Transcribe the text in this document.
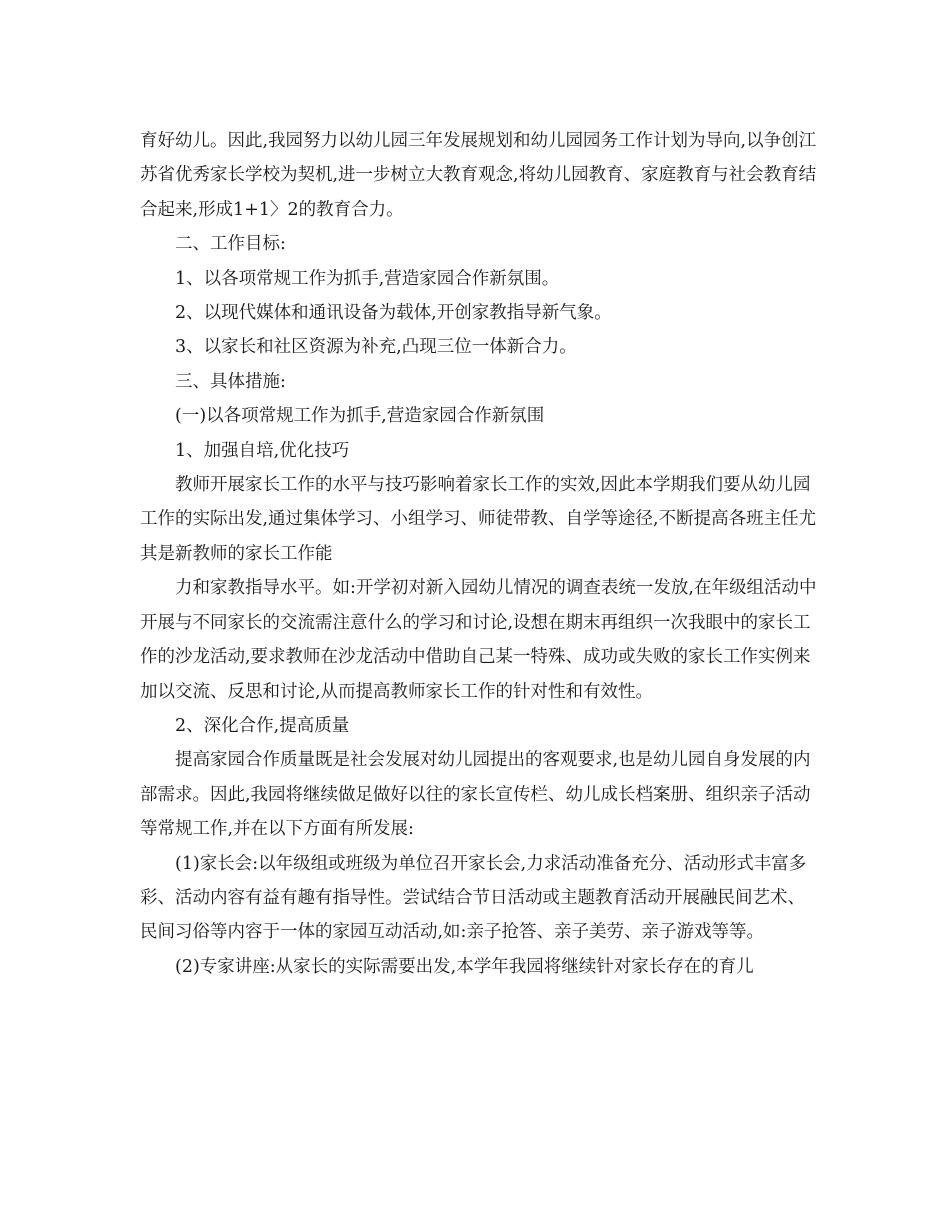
育好幼儿。因此,我园努力以幼儿园三年发展规划和幼儿园园务工作计划为导向,以争创江苏省优秀家长学校为契机,进一步树立大教育观念,将幼儿园教育、家庭教育与社会教育结合起来,形成1+1〉2的教育合力。

二、工作目标:

1、以各项常规工作为抓手,营造家园合作新氛围。

2、以现代媒体和通讯设备为载体,开创家教指导新气象。

3、以家长和社区资源为补充,凸现三位一体新合力。

三、具体措施:

(一)以各项常规工作为抓手,营造家园合作新氛围

1、加强自培,优化技巧

教师开展家长工作的水平与技巧影响着家长工作的实效,因此本学期我们要从幼儿园工作的实际出发,通过集体学习、小组学习、师徒带教、自学等途径,不断提高各班主任尤其是新教师的家长工作能

力和家教指导水平。如:开学初对新入园幼儿情况的调查表统一发放,在年级组活动中开展与不同家长的交流需注意什么的学习和讨论,设想在期末再组织一次我眼中的家长工作的沙龙活动,要求教师在沙龙活动中借助自己某一特殊、成功或失败的家长工作实例来加以交流、反思和讨论,从而提高教师家长工作的针对性和有效性。

2、深化合作,提高质量

提高家园合作质量既是社会发展对幼儿园提出的客观要求,也是幼儿园自身发展的内部需求。因此,我园将继续做足做好以往的家长宣传栏、幼儿成长档案册、组织亲子活动等常规工作,并在以下方面有所发展:

(1)家长会:以年级组或班级为单位召开家长会,力求活动准备充分、活动形式丰富多彩、活动内容有益有趣有指导性。尝试结合节日活动或主题教育活动开展融民间艺术、民间习俗等内容于一体的家园互动活动,如:亲子抢答、亲子美劳、亲子游戏等等。

(2)专家讲座:从家长的实际需要出发,本学年我园将继续针对家长存在的育儿
